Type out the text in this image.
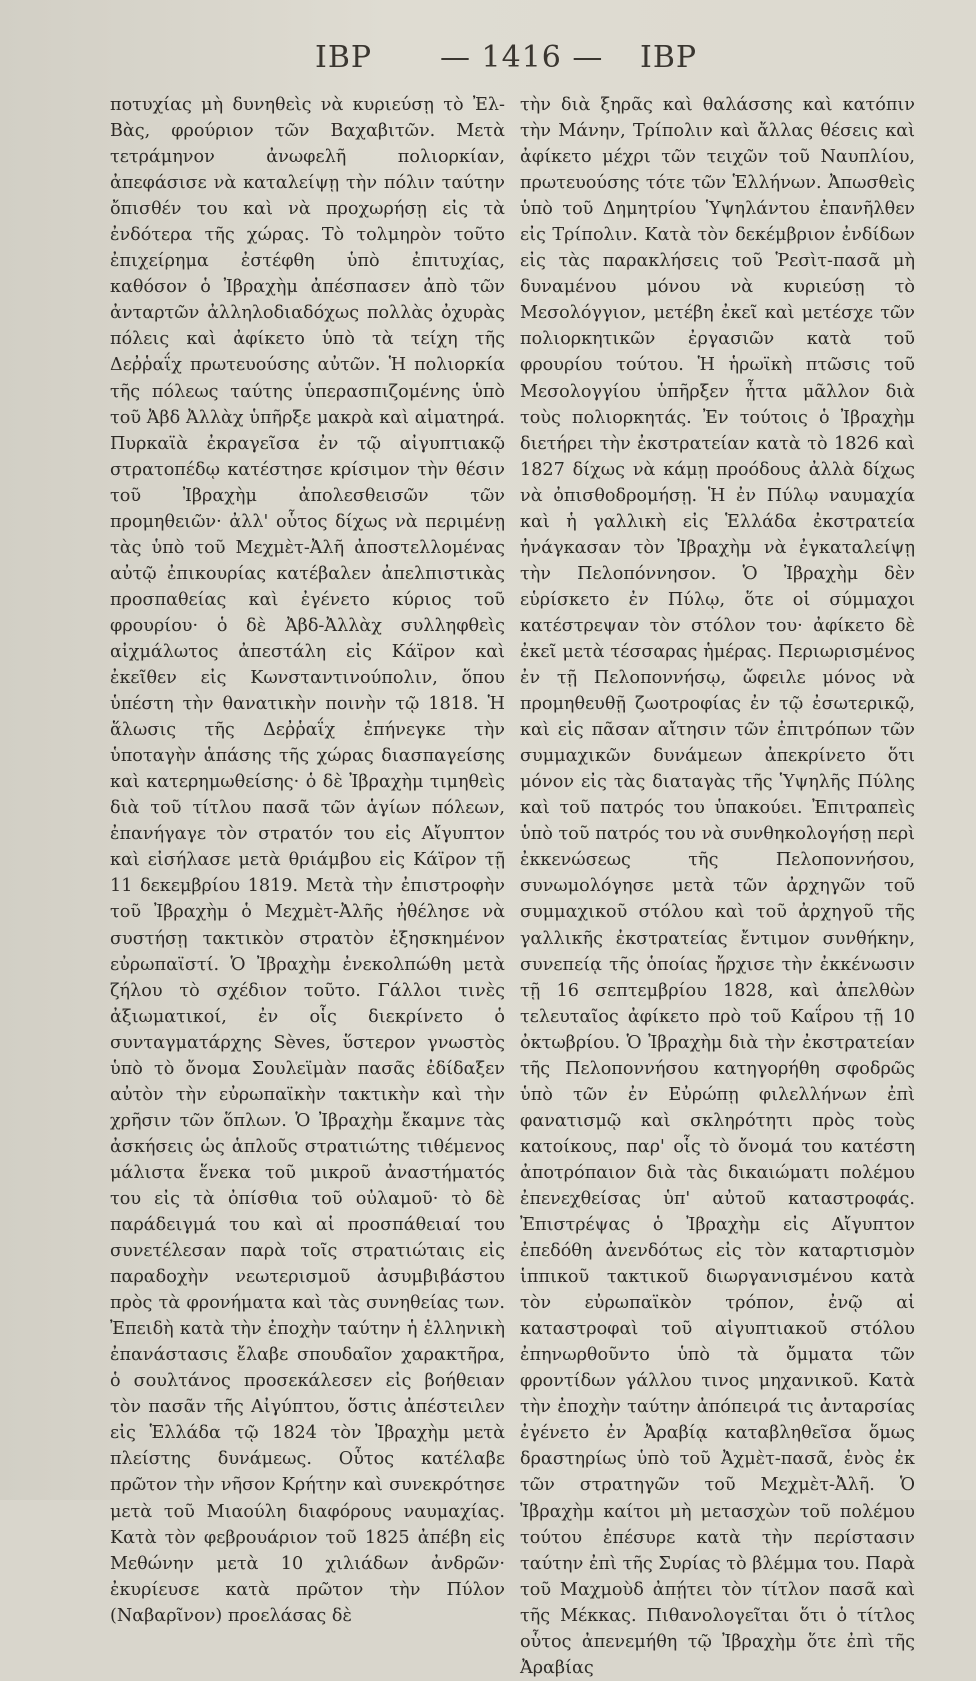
ΙΒΡ — 1416 — ΙΒΡ

ποτυχίας μὴ δυνηθεὶς νὰ κυριεύσῃ τὸ Ἐλ-Βὰς, φρούριον τῶν Βαχαβιτῶν. Μετὰ τετράμηνον ἀνωφελῆ πολιορκίαν, ἀπεφάσισε νὰ καταλείψῃ τὴν πόλιν ταύτην ὄπισθέν του καὶ νὰ προχωρήσῃ εἰς τὰ ἐνδότερα τῆς χώρας. Τὸ τολμηρὸν τοῦτο ἐπιχείρημα ἐστέφθη ὑπὸ ἐπιτυχίας, καθόσον ὁ Ἰβραχὴμ ἀπέσπασεν ἀπὸ τῶν ἀνταρτῶν ἀλληλοδιαδόχως πολλὰς ὀχυρὰς πόλεις καὶ ἀφίκετο ὑπὸ τὰ τείχη τῆς Δεῤῥαΐχ πρωτευούσης αὐτῶν. Ἡ πολιορκία τῆς πόλεως ταύτης ὑπερασπιζομένης ὑπὸ τοῦ Ἀβδ Ἀλλὰχ ὑπῆρξε μακρὰ καὶ αἱματηρά. Πυρκαϊὰ ἐκραγεῖσα ἐν τῷ αἰγυπτιακῷ στρατοπέδῳ κατέστησε κρίσιμον τὴν θέσιν τοῦ Ἰβραχὴμ ἀπολεσθεισῶν τῶν προμηθειῶν· ἀλλ' οὗτος δίχως νὰ περιμένῃ τὰς ὑπὸ τοῦ Μεχμὲτ-Ἀλῆ ἀποστελλομένας αὐτῷ ἐπικουρίας κατέβαλεν ἀπελπιστικὰς προσπαθείας καὶ ἐγένετο κύριος τοῦ φρουρίου· ὁ δὲ Ἀβδ-Ἀλλὰχ συλληφθεὶς αἰχμάλωτος ἀπεστάλη εἰς Κάϊρον καὶ ἐκεῖθεν εἰς Κωνσταντινούπολιν, ὅπου ὑπέστη τὴν θανατικὴν ποινὴν τῷ 1818. Ἡ ἅλωσις τῆς Δεῤῥαΐχ ἐπήνεγκε τὴν ὑποταγὴν ἁπάσης τῆς χώρας διασπαγείσης καὶ κατερημωθείσης· ὁ δὲ Ἰβραχὴμ τιμηθεὶς διὰ τοῦ τίτλου πασᾶ τῶν ἁγίων πόλεων, ἐπανήγαγε τὸν στρατόν του εἰς Αἴγυπτον καὶ εἰσήλασε μετὰ θριάμβου εἰς Κάϊρον τῇ 11 δεκεμβρίου 1819. Μετὰ τὴν ἐπιστροφὴν τοῦ Ἰβραχὴμ ὁ Μεχμὲτ-Ἀλῆς ἠθέλησε νὰ συστήσῃ τακτικὸν στρατὸν ἐξησκημένον εὐρωπαϊστί. Ὁ Ἰβραχὴμ ἐνεκολπώθη μετὰ ζήλου τὸ σχέδιον τοῦτο. Γάλλοι τινὲς ἀξιωματικοί, ἐν οἷς διεκρίνετο ὁ συνταγματάρχης Sèves, ὕστερον γνωστὸς ὑπὸ τὸ ὄνομα Σουλεϊμὰν πασᾶς ἐδίδαξεν αὐτὸν τὴν εὐρωπαϊκὴν τακτικὴν καὶ τὴν χρῆσιν τῶν ὅπλων. Ὁ Ἰβραχὴμ ἔκαμνε τὰς ἀσκήσεις ὡς ἁπλοῦς στρατιώτης τιθέμενος μάλιστα ἕνεκα τοῦ μικροῦ ἀναστήματός του εἰς τὰ ὀπίσθια τοῦ οὐλαμοῦ· τὸ δὲ παράδειγμά του καὶ αἱ προσπάθειαί του συνετέλεσαν παρὰ τοῖς στρατιώταις εἰς παραδοχὴν νεωτερισμοῦ ἀσυμβιβάστου πρὸς τὰ φρονήματα καὶ τὰς συνηθείας των. Ἐπειδὴ κατὰ τὴν ἐποχὴν ταύτην ἡ ἑλληνικὴ ἐπανάστασις ἔλαβε σπουδαῖον χαρακτῆρα, ὁ σουλτάνος προσεκάλεσεν εἰς βοήθειαν τὸν πασᾶν τῆς Αἰγύπτου, ὅστις ἀπέστειλεν εἰς Ἑλλάδα τῷ 1824 τὸν Ἰβραχὴμ μετὰ πλείστης δυνάμεως. Οὗτος κατέλαβε πρῶτον τὴν νῆσον Κρήτην καὶ συνεκρότησε μετὰ τοῦ Μιαούλη διαφόρους ναυμαχίας. Κατὰ τὸν φεβρουάριον τοῦ 1825 ἀπέβη εἰς Μεθώνην μετὰ 10 χιλιάδων ἀνδρῶν· ἐκυρίευσε κατὰ πρῶτον τὴν Πύλον (Ναβαρῖνον) προελάσας δὲ

τὴν διὰ ξηρᾶς καὶ θαλάσσης καὶ κατόπιν τὴν Μάνην, Τρίπολιν καὶ ἄλλας θέσεις καὶ ἀφίκετο μέχρι τῶν τειχῶν τοῦ Ναυπλίου, πρωτευούσης τότε τῶν Ἑλλήνων. Ἀπωσθεὶς ὑπὸ τοῦ Δημητρίου Ὑψηλάντου ἐπανῆλθεν εἰς Τρίπολιν. Κατὰ τὸν δεκέμβριον ἐνδίδων εἰς τὰς παρακλήσεις τοῦ Ῥεσὶτ-πασᾶ μὴ δυναμένου μόνου νὰ κυριεύσῃ τὸ Μεσολόγγιον, μετέβη ἐκεῖ καὶ μετέσχε τῶν πολιορκητικῶν ἐργασιῶν κατὰ τοῦ φρουρίου τούτου. Ἡ ἡρωϊκὴ πτῶσις τοῦ Μεσολογγίου ὑπῆρξεν ἧττα μᾶλλον διὰ τοὺς πολιορκητάς. Ἐν τούτοις ὁ Ἰβραχὴμ διετήρει τὴν ἐκστρατείαν κατὰ τὸ 1826 καὶ 1827 δίχως νὰ κάμῃ προόδους ἀλλὰ δίχως νὰ ὀπισθοδρομήσῃ. Ἡ ἐν Πύλῳ ναυμαχία καὶ ἡ γαλλικὴ εἰς Ἑλλάδα ἐκστρατεία ἠνάγκασαν τὸν Ἰβραχὴμ νὰ ἐγκαταλείψῃ τὴν Πελοπόννησον. Ὁ Ἰβραχὴμ δὲν εὑρίσκετο ἐν Πύλῳ, ὅτε οἱ σύμμαχοι κατέστρεψαν τὸν στόλον του· ἀφίκετο δὲ ἐκεῖ μετὰ τέσσαρας ἡμέρας. Περιωρισμένος ἐν τῇ Πελοποννήσῳ, ὤφειλε μόνος νὰ προμηθευθῇ ζωοτροφίας ἐν τῷ ἐσωτερικῷ, καὶ εἰς πᾶσαν αἴτησιν τῶν ἐπιτρόπων τῶν συμμαχικῶν δυνάμεων ἀπεκρίνετο ὅτι μόνον εἰς τὰς διαταγὰς τῆς Ὑψηλῆς Πύλης καὶ τοῦ πατρός του ὑπακούει. Ἐπιτραπεὶς ὑπὸ τοῦ πατρός του νὰ συνθηκολογήσῃ περὶ ἐκκενώσεως τῆς Πελοποννήσου, συνωμολόγησε μετὰ τῶν ἀρχηγῶν τοῦ συμμαχικοῦ στόλου καὶ τοῦ ἀρχηγοῦ τῆς γαλλικῆς ἐκστρατείας ἔντιμον συνθήκην, συνεπείᾳ τῆς ὁποίας ἤρχισε τὴν ἐκκένωσιν τῇ 16 σεπτεμβρίου 1828, καὶ ἀπελθὼν τελευταῖος ἀφίκετο πρὸ τοῦ Καΐρου τῇ 10 ὀκτωβρίου. Ὁ Ἰβραχὴμ διὰ τὴν ἐκστρατείαν τῆς Πελοποννήσου κατηγορήθη σφοδρῶς ὑπὸ τῶν ἐν Εὐρώπῃ φιλελλήνων ἐπὶ φανατισμῷ καὶ σκληρότητι πρὸς τοὺς κατοίκους, παρ' οἷς τὸ ὄνομά του κατέστη ἀποτρόπαιον διὰ τὰς δικαιώματι πολέμου ἐπενεχθείσας ὑπ' αὐτοῦ καταστροφάς. Ἐπιστρέψας ὁ Ἰβραχὴμ εἰς Αἴγυπτον ἐπεδόθη ἀνενδότως εἰς τὸν καταρτισμὸν ἱππικοῦ τακτικοῦ διωργανισμένου κατὰ τὸν εὐρωπαϊκὸν τρόπον, ἐνῷ αἱ καταστροφαὶ τοῦ αἰγυπτιακοῦ στόλου ἐπηνωρθοῦντο ὑπὸ τὰ ὄμματα τῶν φροντίδων γάλλου τινος μηχανικοῦ. Κατὰ τὴν ἐποχὴν ταύτην ἀπόπειρά τις ἀνταρσίας ἐγένετο ἐν Ἀραβίᾳ καταβληθεῖσα ὅμως δραστηρίως ὑπὸ τοῦ Ἀχμὲτ-πασᾶ, ἑνὸς ἐκ τῶν στρατηγῶν τοῦ Μεχμὲτ-Ἀλῆ. Ὁ Ἰβραχὴμ καίτοι μὴ μετασχὼν τοῦ πολέμου τούτου ἐπέσυρε κατὰ τὴν περίστασιν ταύτην ἐπὶ τῆς Συρίας τὸ βλέμμα του. Παρὰ τοῦ Μαχμοὺδ ἀπῄτει τὸν τίτλον πασᾶ καὶ τῆς Μέκκας. Πιθανολογεῖται ὅτι ὁ τίτλος οὗτος ἀπενεμήθη τῷ Ἰβραχὴμ ὅτε ἐπὶ τῆς Ἀραβίας
